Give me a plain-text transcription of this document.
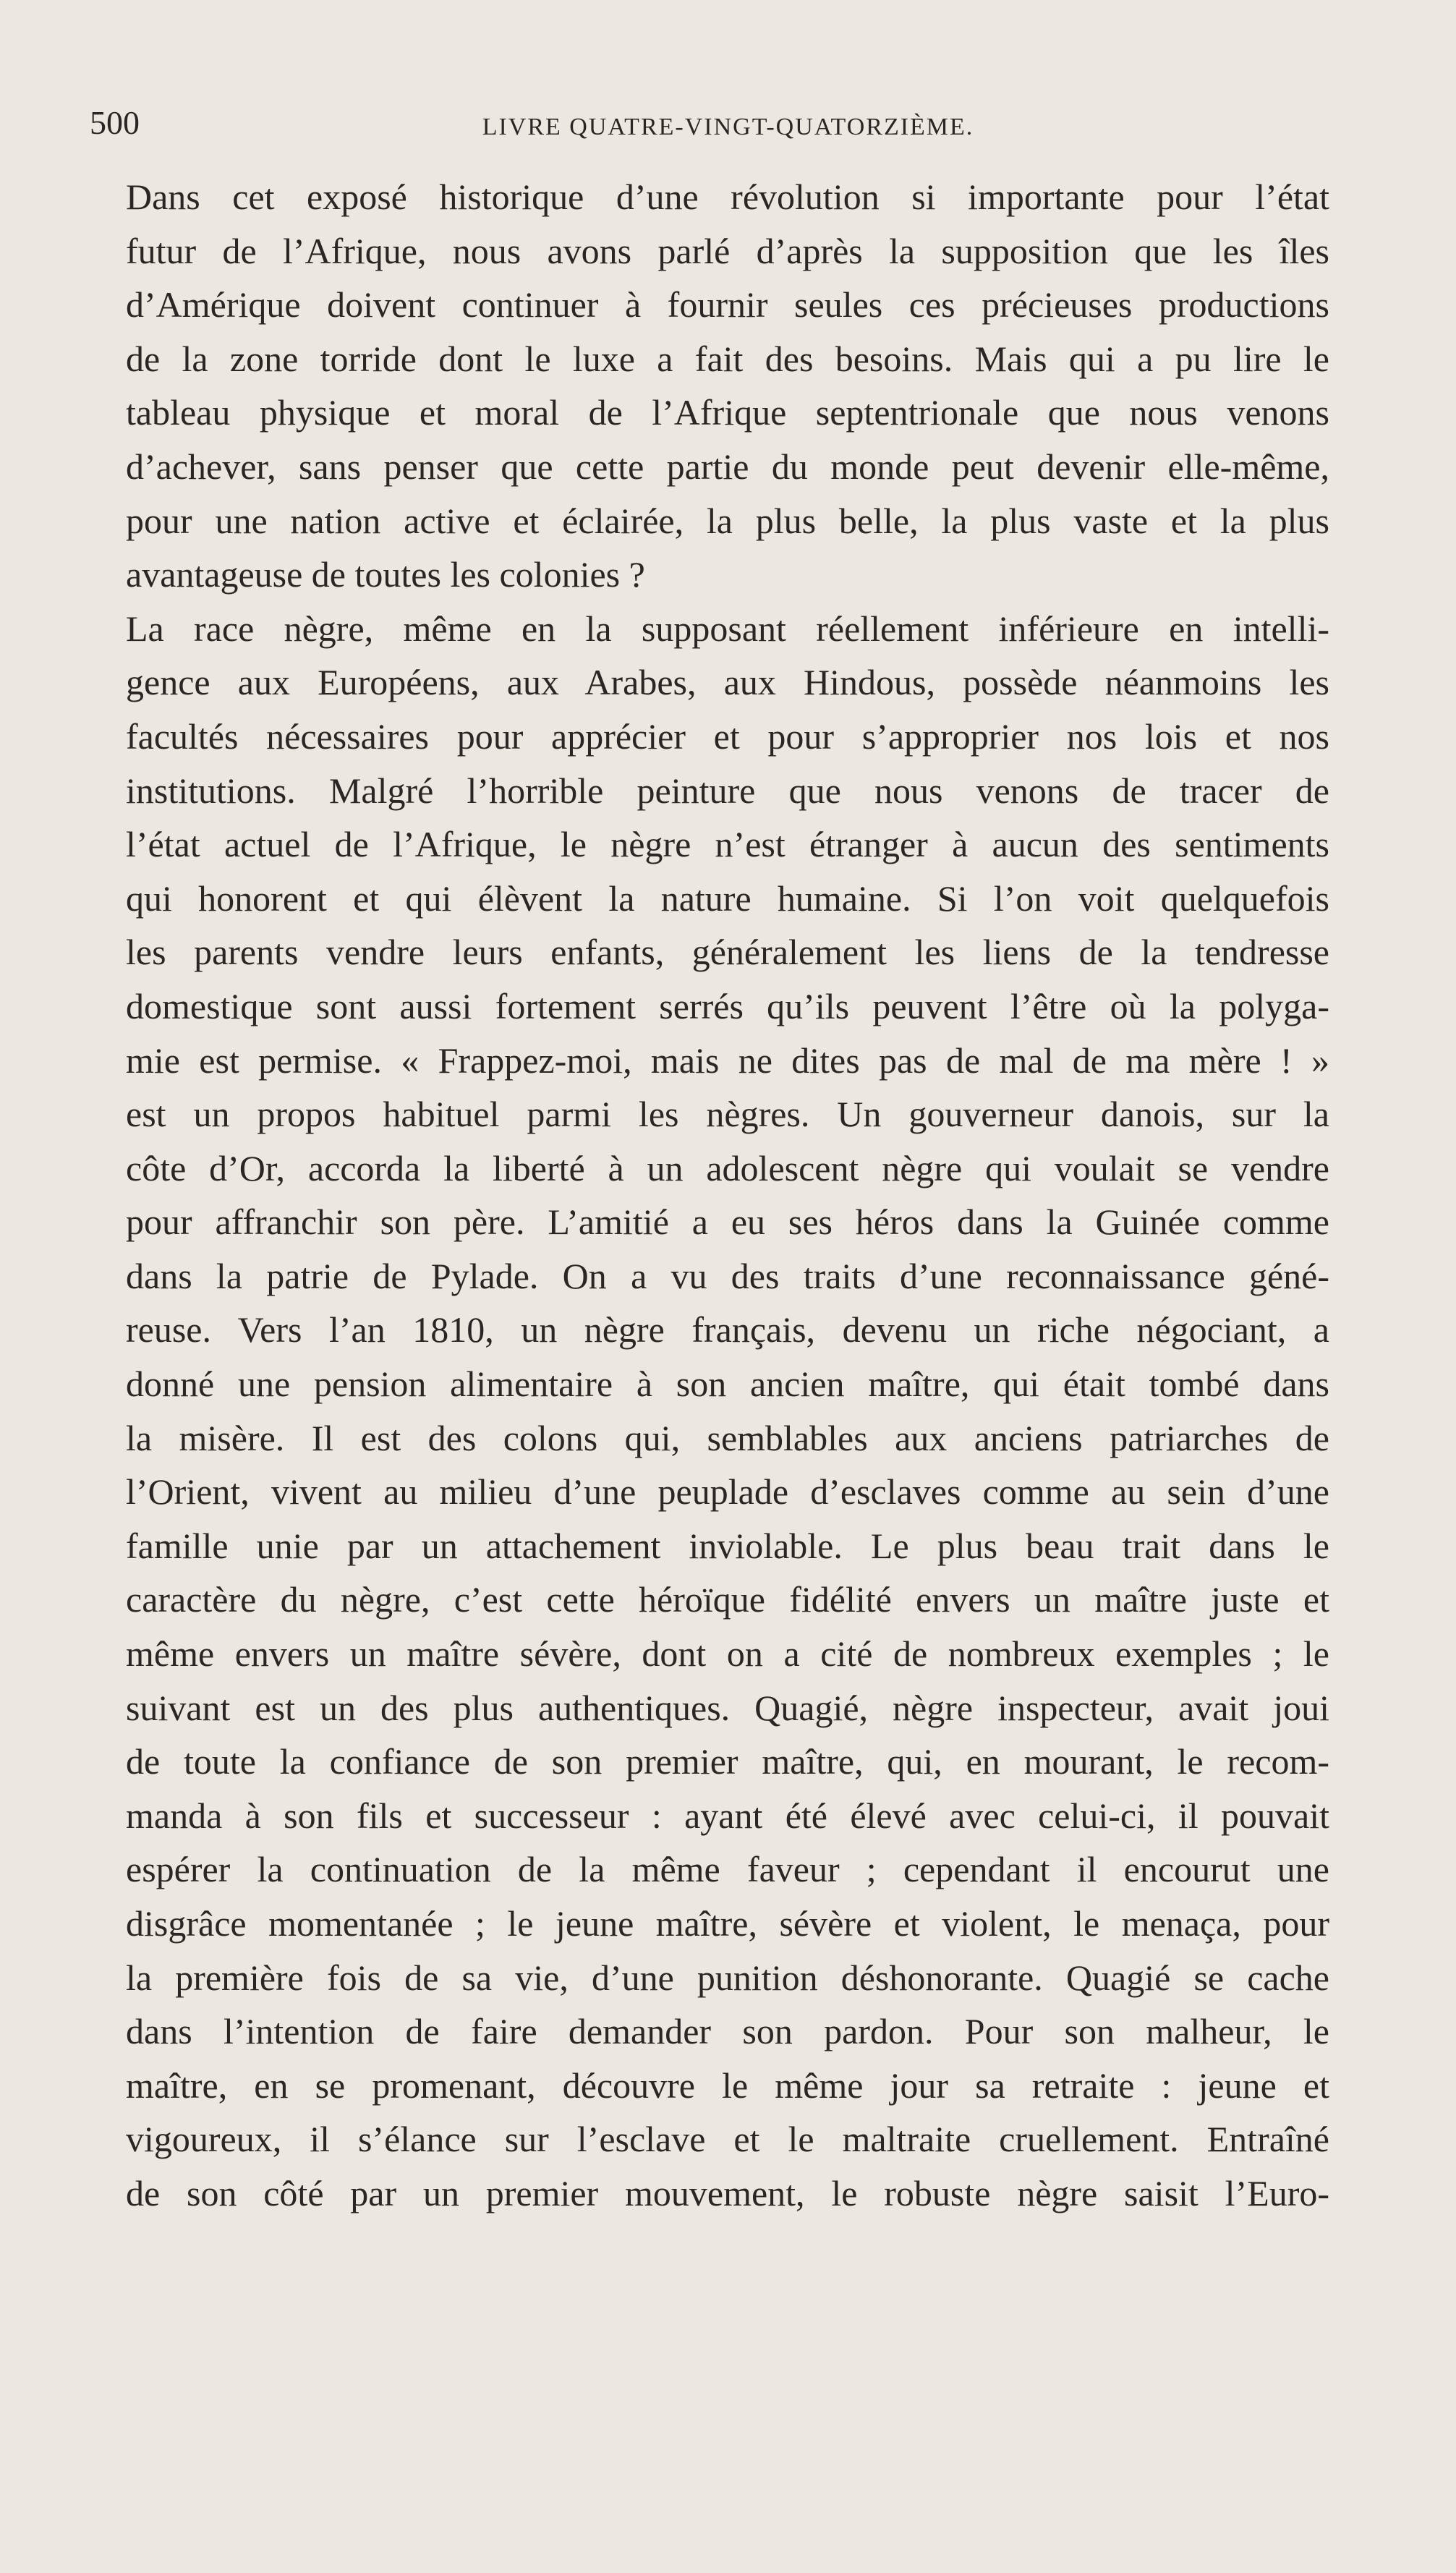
500	LIVRE QUATRE-VINGT-QUATORZIÈME.

Dans cet exposé historique d’une révolution si importante pour l’état
futur de l’Afrique, nous avons parlé d’après la supposition que les îles
d’Amérique doivent continuer à fournir seules ces précieuses productions
de la zone torride dont le luxe a fait des besoins. Mais qui a pu lire le
tableau physique et moral de l’Afrique septentrionale que nous venons
d’achever, sans penser que cette partie du monde peut devenir elle-même,
pour une nation active et éclairée, la plus belle, la plus vaste et la plus
avantageuse de toutes les colonies ?

La race nègre, même en la supposant réellement inférieure en intelli-
gence aux Européens, aux Arabes, aux Hindous, possède néanmoins les
facultés nécessaires pour apprécier et pour s’approprier nos lois et nos
institutions. Malgré l’horrible peinture que nous venons de tracer de
l’état actuel de l’Afrique, le nègre n’est étranger à aucun des sentiments
qui honorent et qui élèvent la nature humaine. Si l’on voit quelquefois
les parents vendre leurs enfants, généralement les liens de la tendresse
domestique sont aussi fortement serrés qu’ils peuvent l’être où la polyga-
mie est permise. « Frappez-moi, mais ne dites pas de mal de ma mère ! »
est un propos habituel parmi les nègres. Un gouverneur danois, sur la
côte d’Or, accorda la liberté à un adolescent nègre qui voulait se vendre
pour affranchir son père. L’amitié a eu ses héros dans la Guinée comme
dans la patrie de Pylade. On a vu des traits d’une reconnaissance géné-
reuse. Vers l’an 1810, un nègre français, devenu un riche négociant, a
donné une pension alimentaire à son ancien maître, qui était tombé dans
la misère. Il est des colons qui, semblables aux anciens patriarches de
l’Orient, vivent au milieu d’une peuplade d’esclaves comme au sein d’une
famille unie par un attachement inviolable. Le plus beau trait dans le
caractère du nègre, c’est cette héroïque fidélité envers un maître juste et
même envers un maître sévère, dont on a cité de nombreux exemples ; le
suivant est un des plus authentiques. Quagié, nègre inspecteur, avait joui
de toute la confiance de son premier maître, qui, en mourant, le recom-
manda à son fils et successeur : ayant été élevé avec celui-ci, il pouvait
espérer la continuation de la même faveur ; cependant il encourut une
disgrâce momentanée ; le jeune maître, sévère et violent, le menaça, pour
la première fois de sa vie, d’une punition déshonorante. Quagié se cache
dans l’intention de faire demander son pardon. Pour son malheur, le
maître, en se promenant, découvre le même jour sa retraite : jeune et
vigoureux, il s’élance sur l’esclave et le maltraite cruellement. Entraîné
de son côté par un premier mouvement, le robuste nègre saisit l’Euro-
